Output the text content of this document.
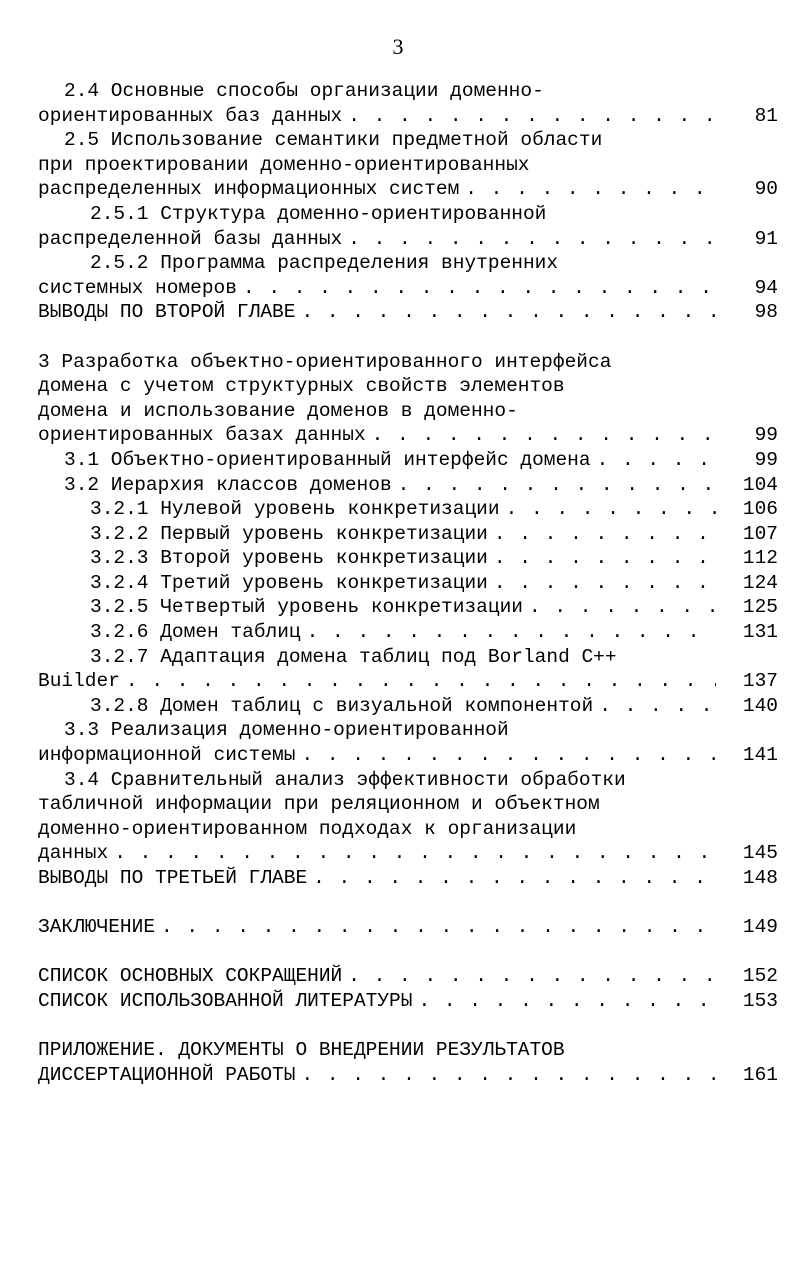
3
2.4 Основные способы организации доменно-
ориентированных баз данных . . .	81
2.5 Использование семантики предметной области
при проектировании доменно-ориентированных
распределенных информационных систем . . .	90
2.5.1 Структура доменно-ориентированной
распределенной базы данных . . .	91
2.5.2 Программа распределения внутренних
системных номеров . . .	94
ВЫВОДЫ ПО ВТОРОЙ ГЛАВЕ . . .	98
3 Разработка объектно-ориентированного интерфейса
домена с учетом структурных свойств элементов
домена и использование доменов в доменно-
ориентированных базах данных . . .	99
3.1 Объектно-ориентированный интерфейс домена . . .	99
3.2 Иерархия классов доменов . . .	104
3.2.1 Нулевой уровень конкретизации . . .	106
3.2.2 Первый уровень конкретизации . . .	107
3.2.3 Второй уровень конкретизации . . .	112
3.2.4 Третий уровень конкретизации . . .	124
3.2.5 Четвертый уровень конкретизации . . .	125
3.2.6 Домен таблиц . . .	131
3.2.7 Адаптация домена таблиц под Borland C++
Builder . . .	137
3.2.8 Домен таблиц с визуальной компонентой . . .	140
3.3 Реализация доменно-ориентированной
информационной системы . . .	141
3.4 Сравнительный анализ эффективности обработки
табличной информации при реляционном и объектном
доменно-ориентированном подходах к организации
данных . . .	145
ВЫВОДЫ ПО ТРЕТЬЕЙ ГЛАВЕ . . .	148
ЗАКЛЮЧЕНИЕ . . .	149
СПИСОК ОСНОВНЫХ СОКРАЩЕНИЙ . . .	152
СПИСОК ИСПОЛЬЗОВАННОЙ ЛИТЕРАТУРЫ . . .	153
ПРИЛОЖЕНИЕ. ДОКУМЕНТЫ О ВНЕДРЕНИИ РЕЗУЛЬТАТОВ
ДИССЕРТАЦИОННОЙ РАБОТЫ . . .	161
